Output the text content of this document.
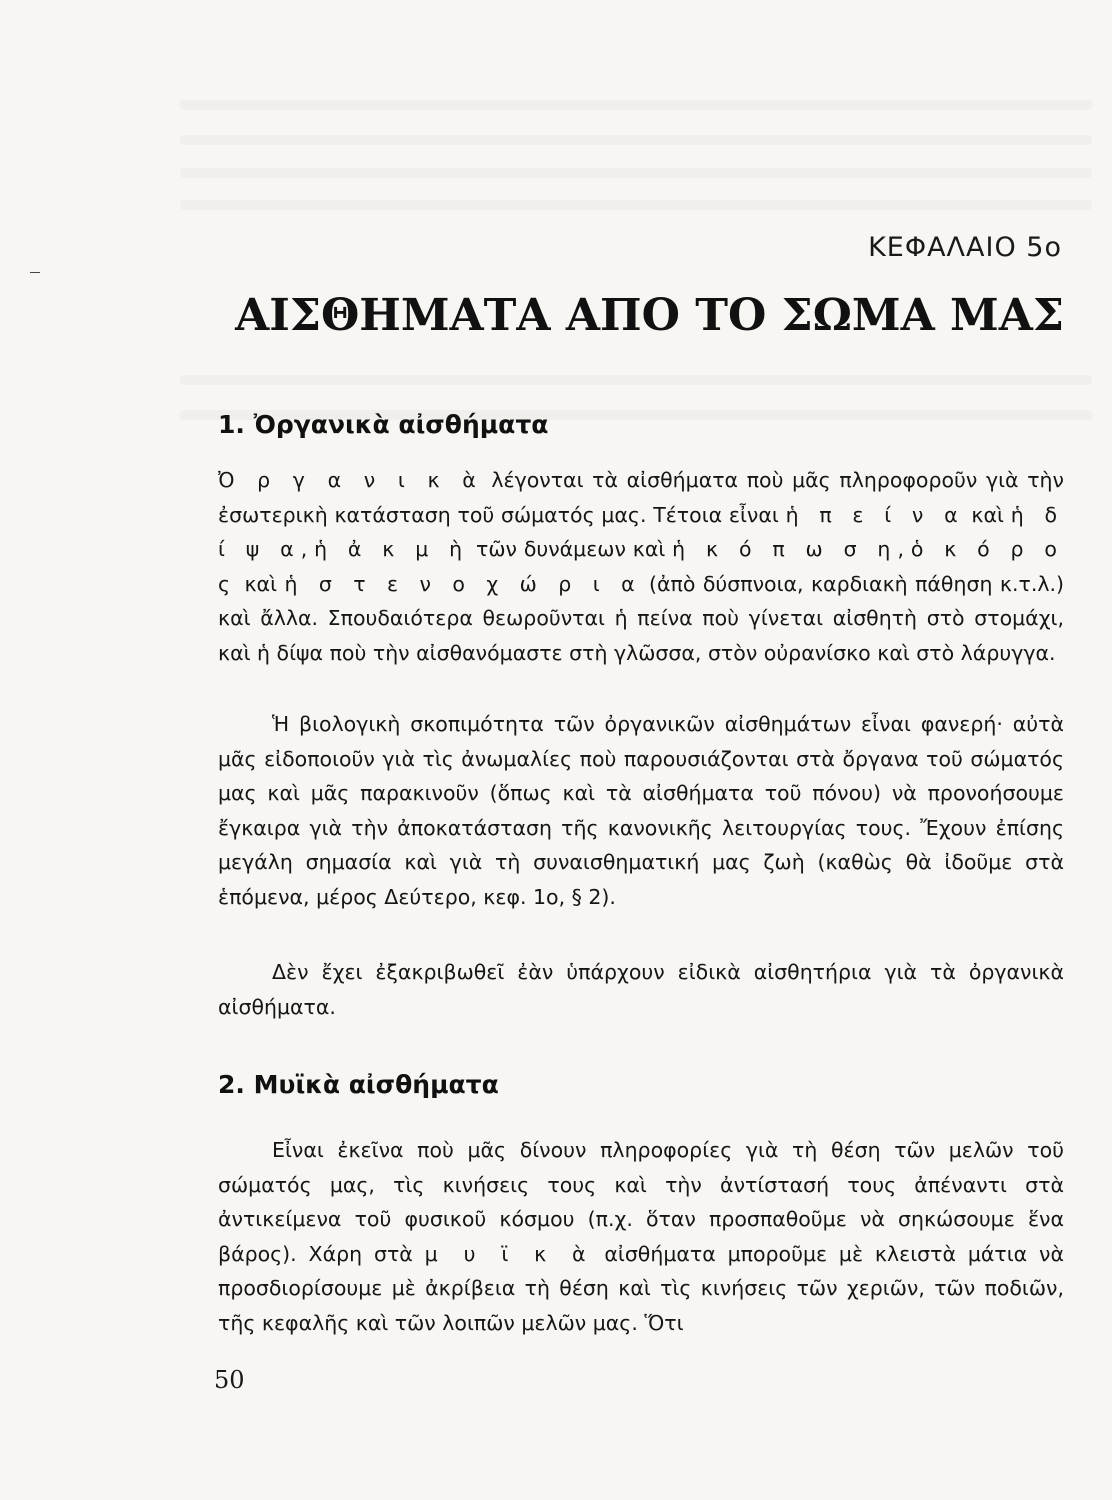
ΚΕΦΑΛΑΙΟ 5ο
ΑΙΣΘΗΜΑΤΑ ΑΠΟ ΤΟ ΣΩΜΑ ΜΑΣ
1. Ὀργανικὰ αἰσθήματα
Ὀ ρ γ α ν ι κ ὰ λέγονται τὰ αἰσθήματα ποὺ μᾶς πληροφοροῦν γιὰ τὴν ἐσωτερικὴ κατάσταση τοῦ σώματός μας. Τέτοια εἶναι ἡ π ε ί ν α καὶ ἡ δ ί ψ α, ἡ ἀ κ μ ὴ τῶν δυνάμεων καὶ ἡ κ ό π ω σ η, ὁ κ ό ρ ο ς καὶ ἡ σ τ ε ν ο χ ώ ρ ι α (ἀπὸ δύσπνοια, καρδιακὴ πάθηση κ.τ.λ.) καὶ ἄλλα. Σπουδαιότερα θεωροῦνται ἡ πείνα ποὺ γίνεται αἰσθητὴ στὸ στομάχι, καὶ ἡ δίψα ποὺ τὴν αἰσθανόμαστε στὴ γλῶσσα, στὸν οὐρανίσκο καὶ στὸ λάρυγγα.
Ἡ βιολογικὴ σκοπιμότητα τῶν ὀργανικῶν αἰσθημάτων εἶναι φανερή· αὐτὰ μᾶς εἰδοποιοῦν γιὰ τὶς ἀνωμαλίες ποὺ παρουσιάζονται στὰ ὄργανα τοῦ σώματός μας καὶ μᾶς παρακινοῦν (ὅπως καὶ τὰ αἰσθήματα τοῦ πόνου) νὰ προνοήσουμε ἔγκαιρα γιὰ τὴν ἀποκατάσταση τῆς κανονικῆς λειτουργίας τους. Ἔχουν ἐπίσης μεγάλη σημασία καὶ γιὰ τὴ συναισθηματική μας ζωὴ (καθὼς θὰ ἰδοῦμε στὰ ἑπόμενα, μέρος Δεύτερο, κεφ. 1ο, § 2).
Δὲν ἔχει ἐξακριβωθεῖ ἐὰν ὑπάρχουν εἰδικὰ αἰσθητήρια γιὰ τὰ ὀργανικὰ αἰσθήματα.
2. Μυϊκὰ αἰσθήματα
Εἶναι ἐκεῖνα ποὺ μᾶς δίνουν πληροφορίες γιὰ τὴ θέση τῶν μελῶν τοῦ σώματός μας, τὶς κινήσεις τους καὶ τὴν ἀντίστασή τους ἀπέναντι στὰ ἀντικείμενα τοῦ φυσικοῦ κόσμου (π.χ. ὅταν προσπαθοῦμε νὰ σηκώσουμε ἕνα βάρος). Χάρη στὰ μ υ ϊ κ ὰ αἰσθήματα μποροῦμε μὲ κλειστὰ μάτια νὰ προσδιορίσουμε μὲ ἀκρίβεια τὴ θέση καὶ τὶς κινήσεις τῶν χεριῶν, τῶν ποδιῶν, τῆς κεφαλῆς καὶ τῶν λοιπῶν μελῶν μας. Ὅτι
50
